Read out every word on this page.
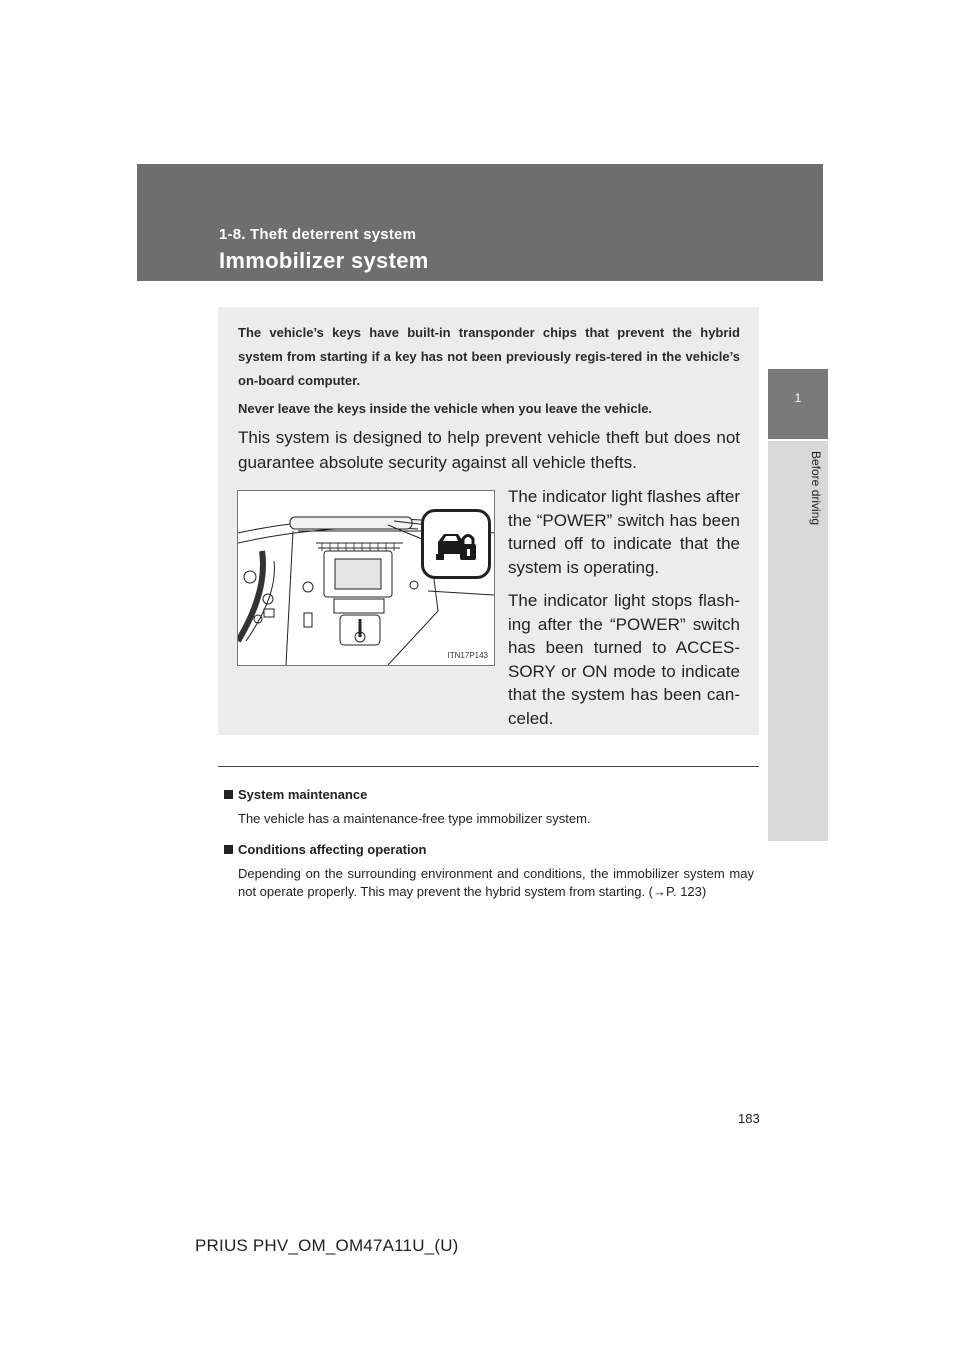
1-8. Theft deterrent system
Immobilizer system
1
Before driving

The vehicle’s keys have built-in transponder chips that prevent the hybrid system from starting if a key has not been previously regis-tered in the vehicle’s on-board computer.

Never leave the keys inside the vehicle when you leave the vehicle.

This system is designed to help prevent vehicle theft but does not guarantee absolute security against all vehicle thefts.
ITN17P143

The indicator light flashes after the “POWER” switch has been turned off to indicate that the system is operating.

The indicator light stops flash-ing after the “POWER” switch has been turned to ACCES-SORY or ON mode to indicate that the system has been can-celed.

System maintenance

The vehicle has a maintenance-free type immobilizer system.

Conditions affecting operation

Depending on the surrounding environment and conditions, the immobilizer system may not operate properly. This may prevent the hybrid system from starting. (→P. 123)

183
PRIUS PHV_OM_OM47A11U_(U)
